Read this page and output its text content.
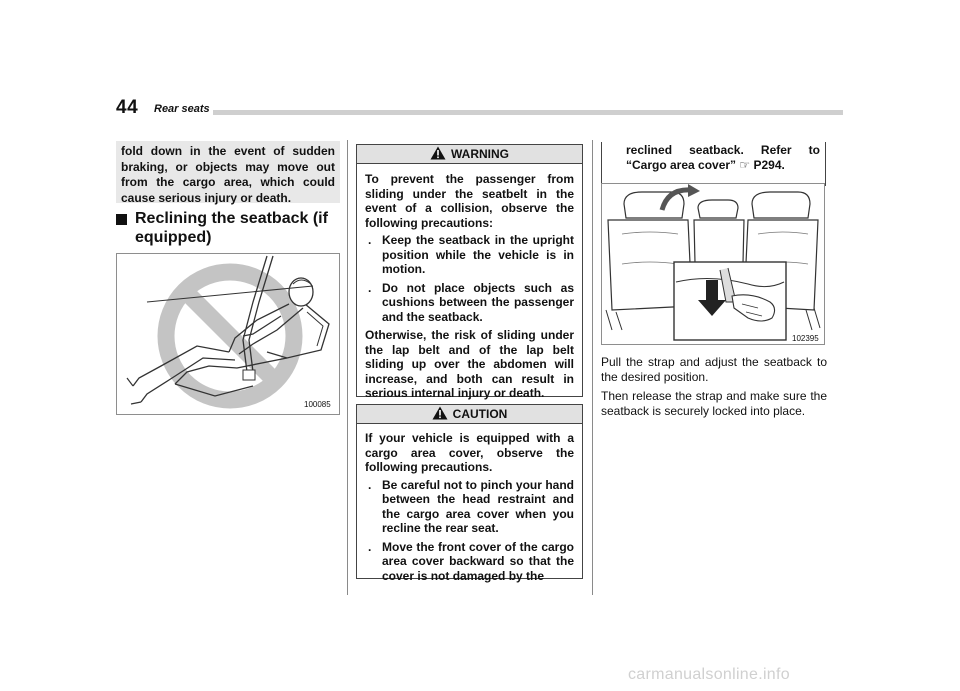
44 Rear seats
fold down in the event of sudden braking, or objects may move out from the cargo area, which could cause serious injury or death.
Reclining the seatback (if equipped)
100085
WARNING

To prevent the passenger from sliding under the seatbelt in the event of a collision, observe the following precautions:

. Keep the seatback in the upright position while the vehicle is in motion.
. Do not place objects such as cushions between the passenger and the seatback.

Otherwise, the risk of sliding under the lap belt and of the lap belt sliding up over the abdomen will increase, and both can result in serious internal injury or death.

CAUTION

If your vehicle is equipped with a cargo area cover, observe the following precautions.

. Be careful not to pinch your hand between the head restraint and the cargo area cover when you recline the rear seat.
. Move the front cover of the cargo area cover backward so that the cover is not damaged by the
reclined seatback. Refer to “Cargo area cover” ☞ P294.
102395

Pull the strap and adjust the seatback to the desired position.

Then release the strap and make sure the seatback is securely locked into place.

carmanualsonline.info
